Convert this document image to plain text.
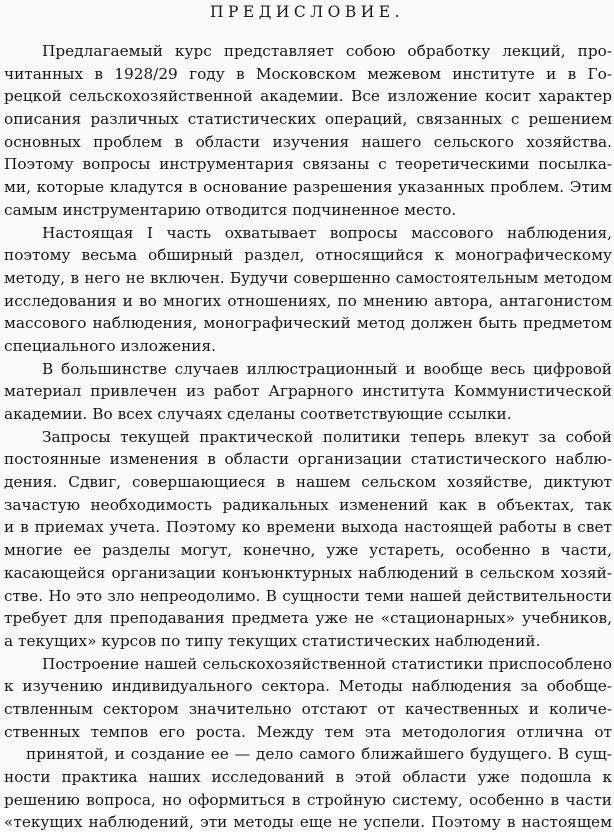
ПРЕДИСЛОВИЕ.
Предлагаемый курс представляет собою обработку лекций, про-
читанных в 1928/29 году в Московском межевом институте и в Го-
рецкой сельскохозяйственной академии. Все изложение косит характер
описания различных статистических операций, связанных с решением
основных проблем в области изучения нашего сельского хозяйства.
Поэтому вопросы инструментария связаны с теоретическими посылка-
ми, которые кладутся в основание разрешения указанных проблем. Этим
самым инструментарию отводится подчиненное место.
Настоящая I часть охватывает вопросы массового наблюдения,
поэтому весьма обширный раздел, относящийся к монографическому
методу, в него не включен. Будучи совершенно самостоятельным методом
исследования и во многих отношениях, по мнению автора, антагонистом
массового наблюдения, монографический метод должен быть предметом
специального изложения.
В большинстве случаев иллюстрационный и вообще весь цифровой
материал привлечен из работ Аграрного института Коммунистической
академии. Во всех случаях сделаны соответствующие ссылки.
Запросы текущей практической политики теперь влекут за собой
постоянные изменения в области организации статистического наблю-
дения. Сдвиг, совершающиеся в нашем сельском хозяйстве, диктуют
зачастую необходимость радикальных изменений как в объектах, так
и в приемах учета. Поэтому ко времени выхода настоящей работы в свет
многие ее разделы могут, конечно, уже устареть, особенно в части,
касающейся организации конъюнктурных наблюдений в сельском хозяй-
стве. Но это зло непреодолимо. В сущности теми нашей действительности
требует для преподавания предмета уже не «стационарных» учебников,
а текущих» курсов по типу текущих статистических наблюдений.
Построение нашей сельскохозяйственной статистики приспособлено
к изучению индивидуального сектора. Методы наблюдения за обобще-
ствленным сектором значительно отстают от качественных и количе-
ственных темпов его роста. Между тем эта методология отлична от
принятой, и создание ее — дело самого ближайшего будущего. В сущ-
ности практика наших исследований в этой области уже подошла к
решению вопроса, но оформиться в стройную систему, особенно в части
«текущих наблюдений, эти методы еще не успели. Поэтому в настоящем
